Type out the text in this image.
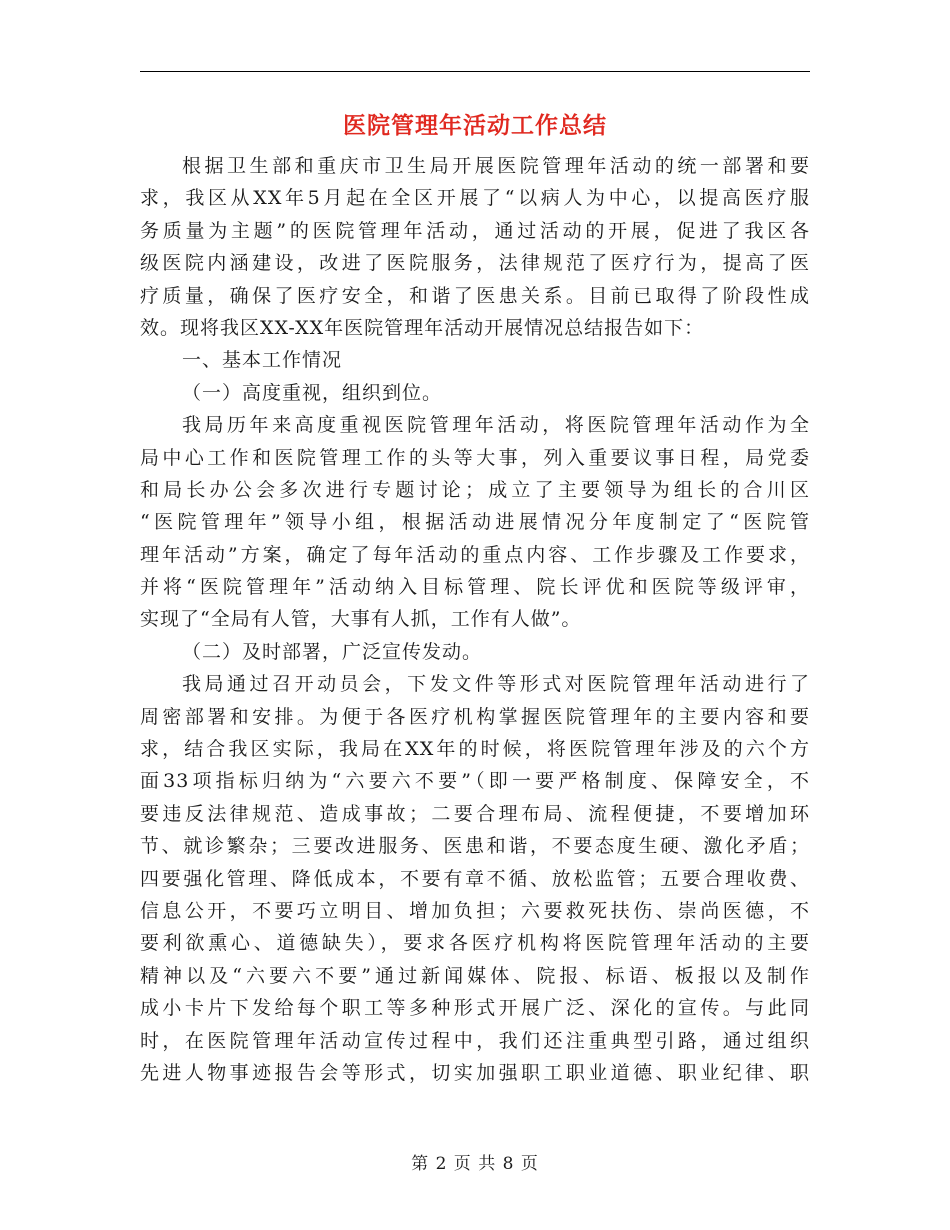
医院管理年活动工作总结
根据卫生部和重庆市卫生局开展医院管理年活动的统一部署和要
求，我区从XX年5月起在全区开展了“以病人为中心，以提高医疗服
务质量为主题”的医院管理年活动，通过活动的开展，促进了我区各
级医院内涵建设，改进了医院服务，法律规范了医疗行为，提高了医
疗质量，确保了医疗安全，和谐了医患关系。目前已取得了阶段性成
效。现将我区XX-XX年医院管理年活动开展情况总结报告如下：
一、基本工作情况
（一）高度重视，组织到位。
我局历年来高度重视医院管理年活动，将医院管理年活动作为全
局中心工作和医院管理工作的头等大事，列入重要议事日程，局党委
和局长办公会多次进行专题讨论；成立了主要领导为组长的合川区
“医院管理年”领导小组，根据活动进展情况分年度制定了“医院管
理年活动”方案，确定了每年活动的重点内容、工作步骤及工作要求，
并将“医院管理年”活动纳入目标管理、院长评优和医院等级评审，
实现了“全局有人管，大事有人抓，工作有人做”。
（二）及时部署，广泛宣传发动。
我局通过召开动员会，下发文件等形式对医院管理年活动进行了
周密部署和安排。为便于各医疗机构掌握医院管理年的主要内容和要
求，结合我区实际，我局在XX年的时候，将医院管理年涉及的六个方
面33项指标归纳为“六要六不要”（即一要严格制度、保障安全，不
要违反法律规范、造成事故；二要合理布局、流程便捷，不要增加环
节、就诊繁杂；三要改进服务、医患和谐，不要态度生硬、激化矛盾；
四要强化管理、降低成本，不要有章不循、放松监管；五要合理收费、
信息公开，不要巧立明目、增加负担；六要救死扶伤、崇尚医德，不
要利欲熏心、道德缺失），要求各医疗机构将医院管理年活动的主要
精神以及“六要六不要”通过新闻媒体、院报、标语、板报以及制作
成小卡片下发给每个职工等多种形式开展广泛、深化的宣传。与此同
时，在医院管理年活动宣传过程中，我们还注重典型引路，通过组织
先进人物事迹报告会等形式，切实加强职工职业道德、职业纪律、职
第 2 页 共 8 页
